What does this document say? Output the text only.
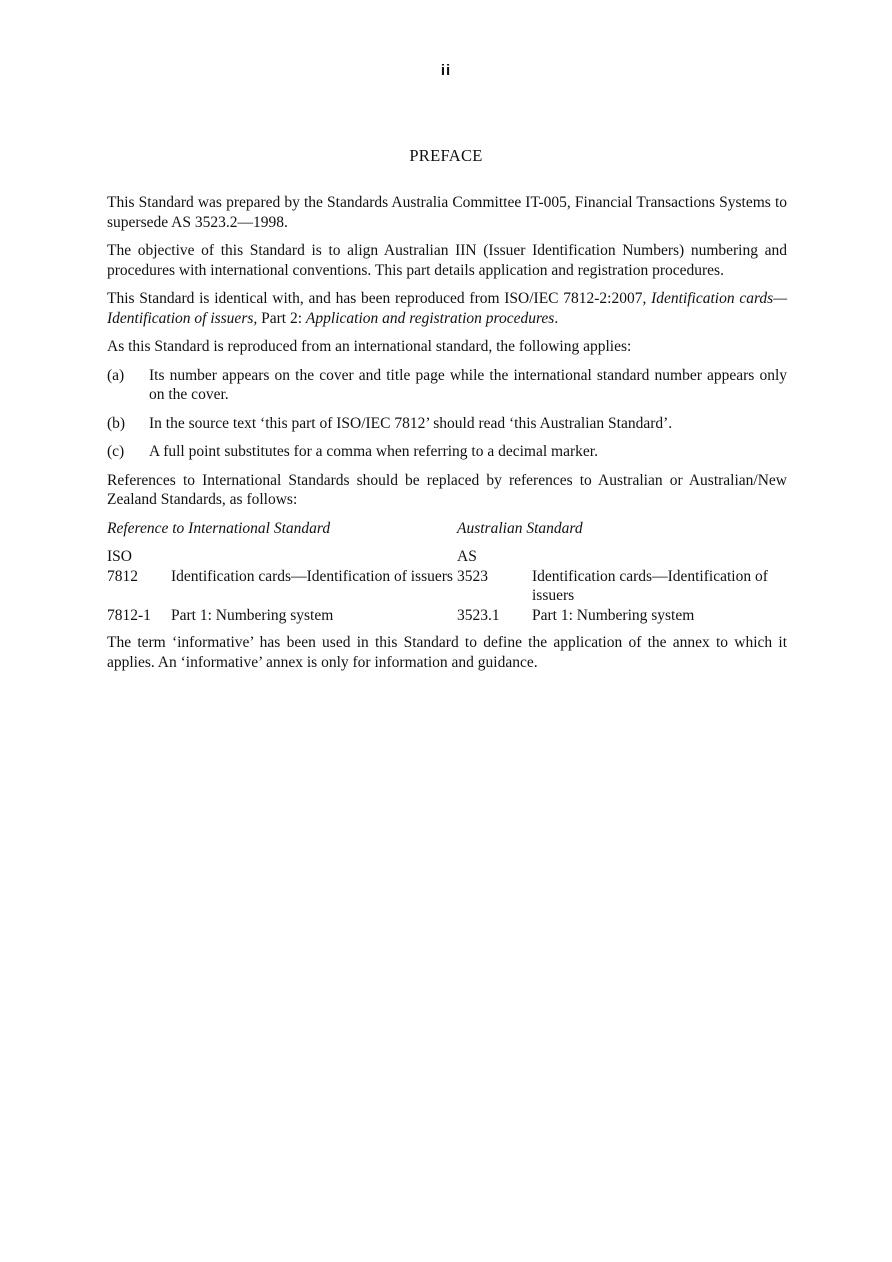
ii
PREFACE

This Standard was prepared by the Standards Australia Committee IT-005, Financial Transactions Systems to supersede AS 3523.2—1998.

The objective of this Standard is to align Australian IIN (Issuer Identification Numbers) numbering and procedures with international conventions. This part details application and registration procedures.

This Standard is identical with, and has been reproduced from ISO/IEC 7812-2:2007, Identification cards—Identification of issuers, Part 2: Application and registration procedures.

As this Standard is reproduced from an international standard, the following applies:

(a)	Its number appears on the cover and title page while the international standard number appears only on the cover.
(b)	In the source text ‘this part of ISO/IEC 7812’ should read ‘this Australian Standard’.
(c)	A full point substitutes for a comma when referring to a decimal marker.

References to International Standards should be replaced by references to Australian or Australian/New Zealand Standards, as follows:

Reference to International Standard		Australian Standard	
ISO		AS	
7812	Identification cards—Identification of issuers	3523	Identification cards—Identification of issuers
7812-1	Part 1: Numbering system	3523.1	Part 1: Numbering system

The term ‘informative’ has been used in this Standard to define the application of the annex to which it applies. An ‘informative’ annex is only for information and guidance.
